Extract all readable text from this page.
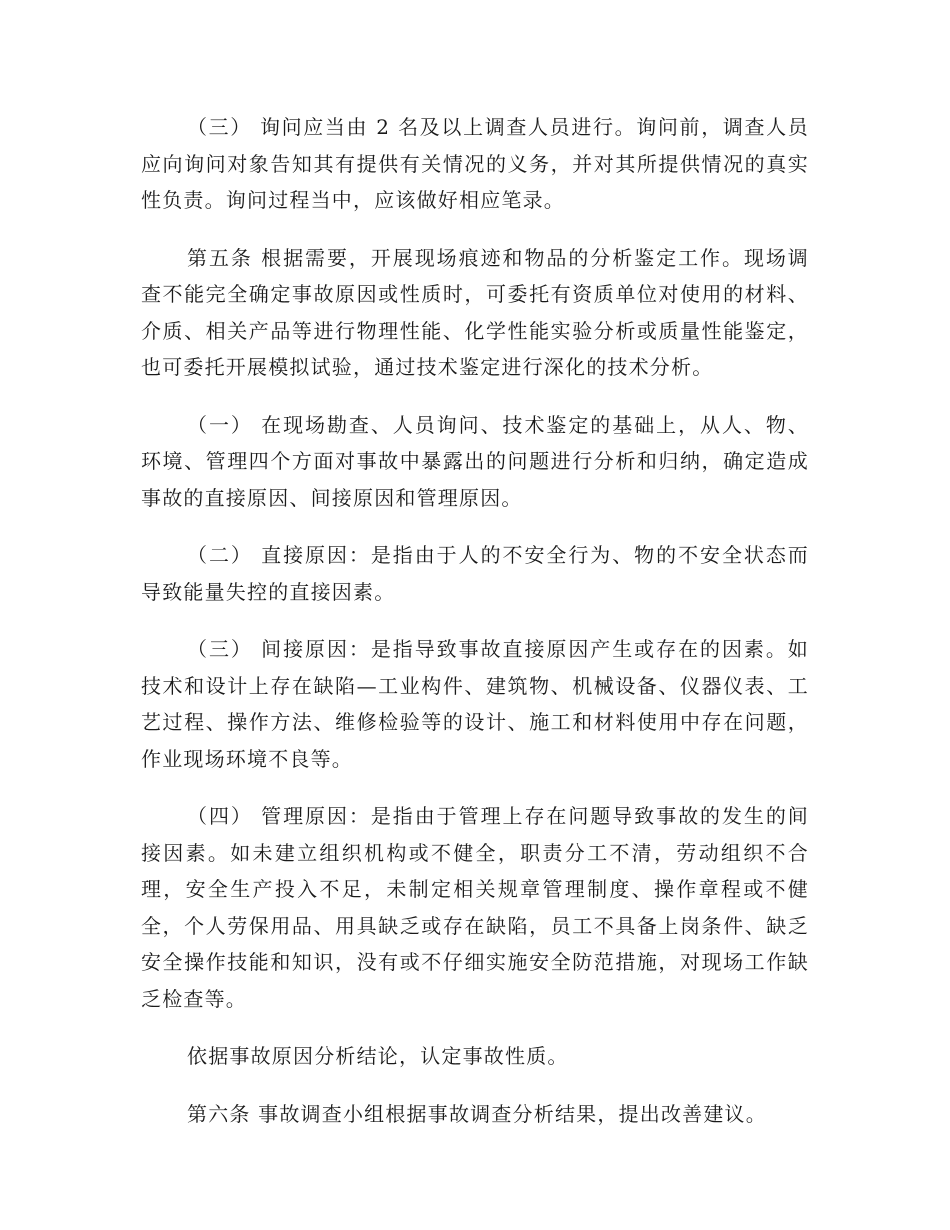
（三） 询问应当由 2 名及以上调查人员进行。询问前，调查人员应向询问对象告知其有提供有关情况的义务，并对其所提供情况的真实性负责。询问过程当中，应该做好相应笔录。

第五条 根据需要，开展现场痕迹和物品的分析鉴定工作。现场调查不能完全确定事故原因或性质时，可委托有资质单位对使用的材料、介质、相关产品等进行物理性能、化学性能实验分析或质量性能鉴定，也可委托开展模拟试验，通过技术鉴定进行深化的技术分析。

（一） 在现场勘查、人员询问、技术鉴定的基础上，从人、物、环境、管理四个方面对事故中暴露出的问题进行分析和归纳，确定造成事故的直接原因、间接原因和管理原因。

（二） 直接原因：是指由于人的不安全行为、物的不安全状态而导致能量失控的直接因素。

（三） 间接原因：是指导致事故直接原因产生或存在的因素。如技术和设计上存在缺陷—工业构件、建筑物、机械设备、仪器仪表、工艺过程、操作方法、维修检验等的设计、施工和材料使用中存在问题，作业现场环境不良等。

（四） 管理原因：是指由于管理上存在问题导致事故的发生的间接因素。如未建立组织机构或不健全，职责分工不清，劳动组织不合理，安全生产投入不足，未制定相关规章管理制度、操作章程或不健全，个人劳保用品、用具缺乏或存在缺陷，员工不具备上岗条件、缺乏安全操作技能和知识，没有或不仔细实施安全防范措施，对现场工作缺乏检查等。

依据事故原因分析结论，认定事故性质。

第六条 事故调查小组根据事故调查分析结果，提出改善建议。
